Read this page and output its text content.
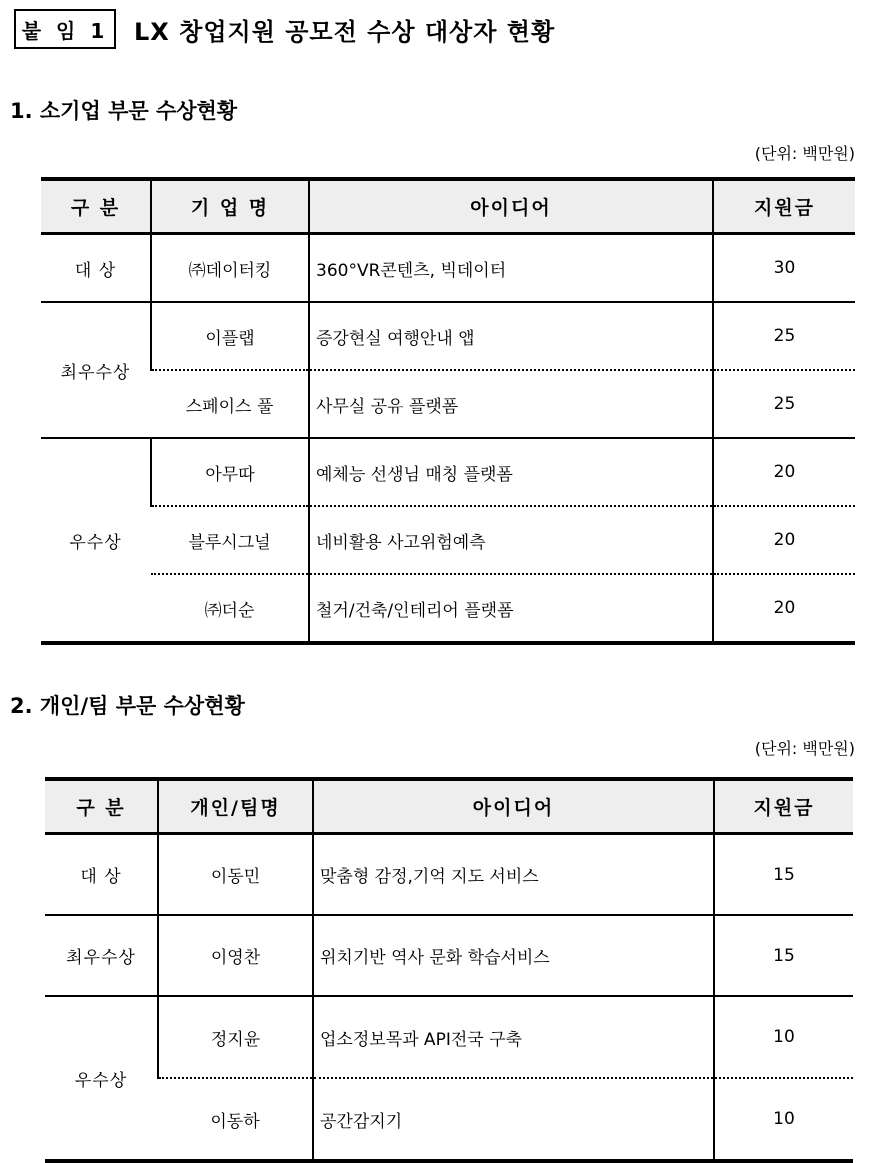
붙 임 1	LX 창업지원 공모전 수상 대상자 현황
1. 소기업 부문 수상현황
(단위: 백만원)
구 분	기 업 명	아이디어	지원금
대 상	㈜데이터킹	360°VR콘텐츠, 빅데이터	30
최우수상	이플랩	증강현실 여행안내 앱	25
	스페이스 풀	사무실 공유 플랫폼	25
우수상	아무따	예체능 선생님 매칭 플랫폼	20
	블루시그널	네비활용 사고위험예측	20
	㈜더순	철거/건축/인테리어 플랫폼	20
2. 개인/팀 부문 수상현황
(단위: 백만원)
구 분	개인/팀명	아이디어	지원금
대 상	이동민	맞춤형 감정,기억 지도 서비스	15
최우수상	이영찬	위치기반 역사 문화 학습서비스	15
우수상	정지윤	업소정보목과 API전국 구축	10
	이동하	공간감지기	10
